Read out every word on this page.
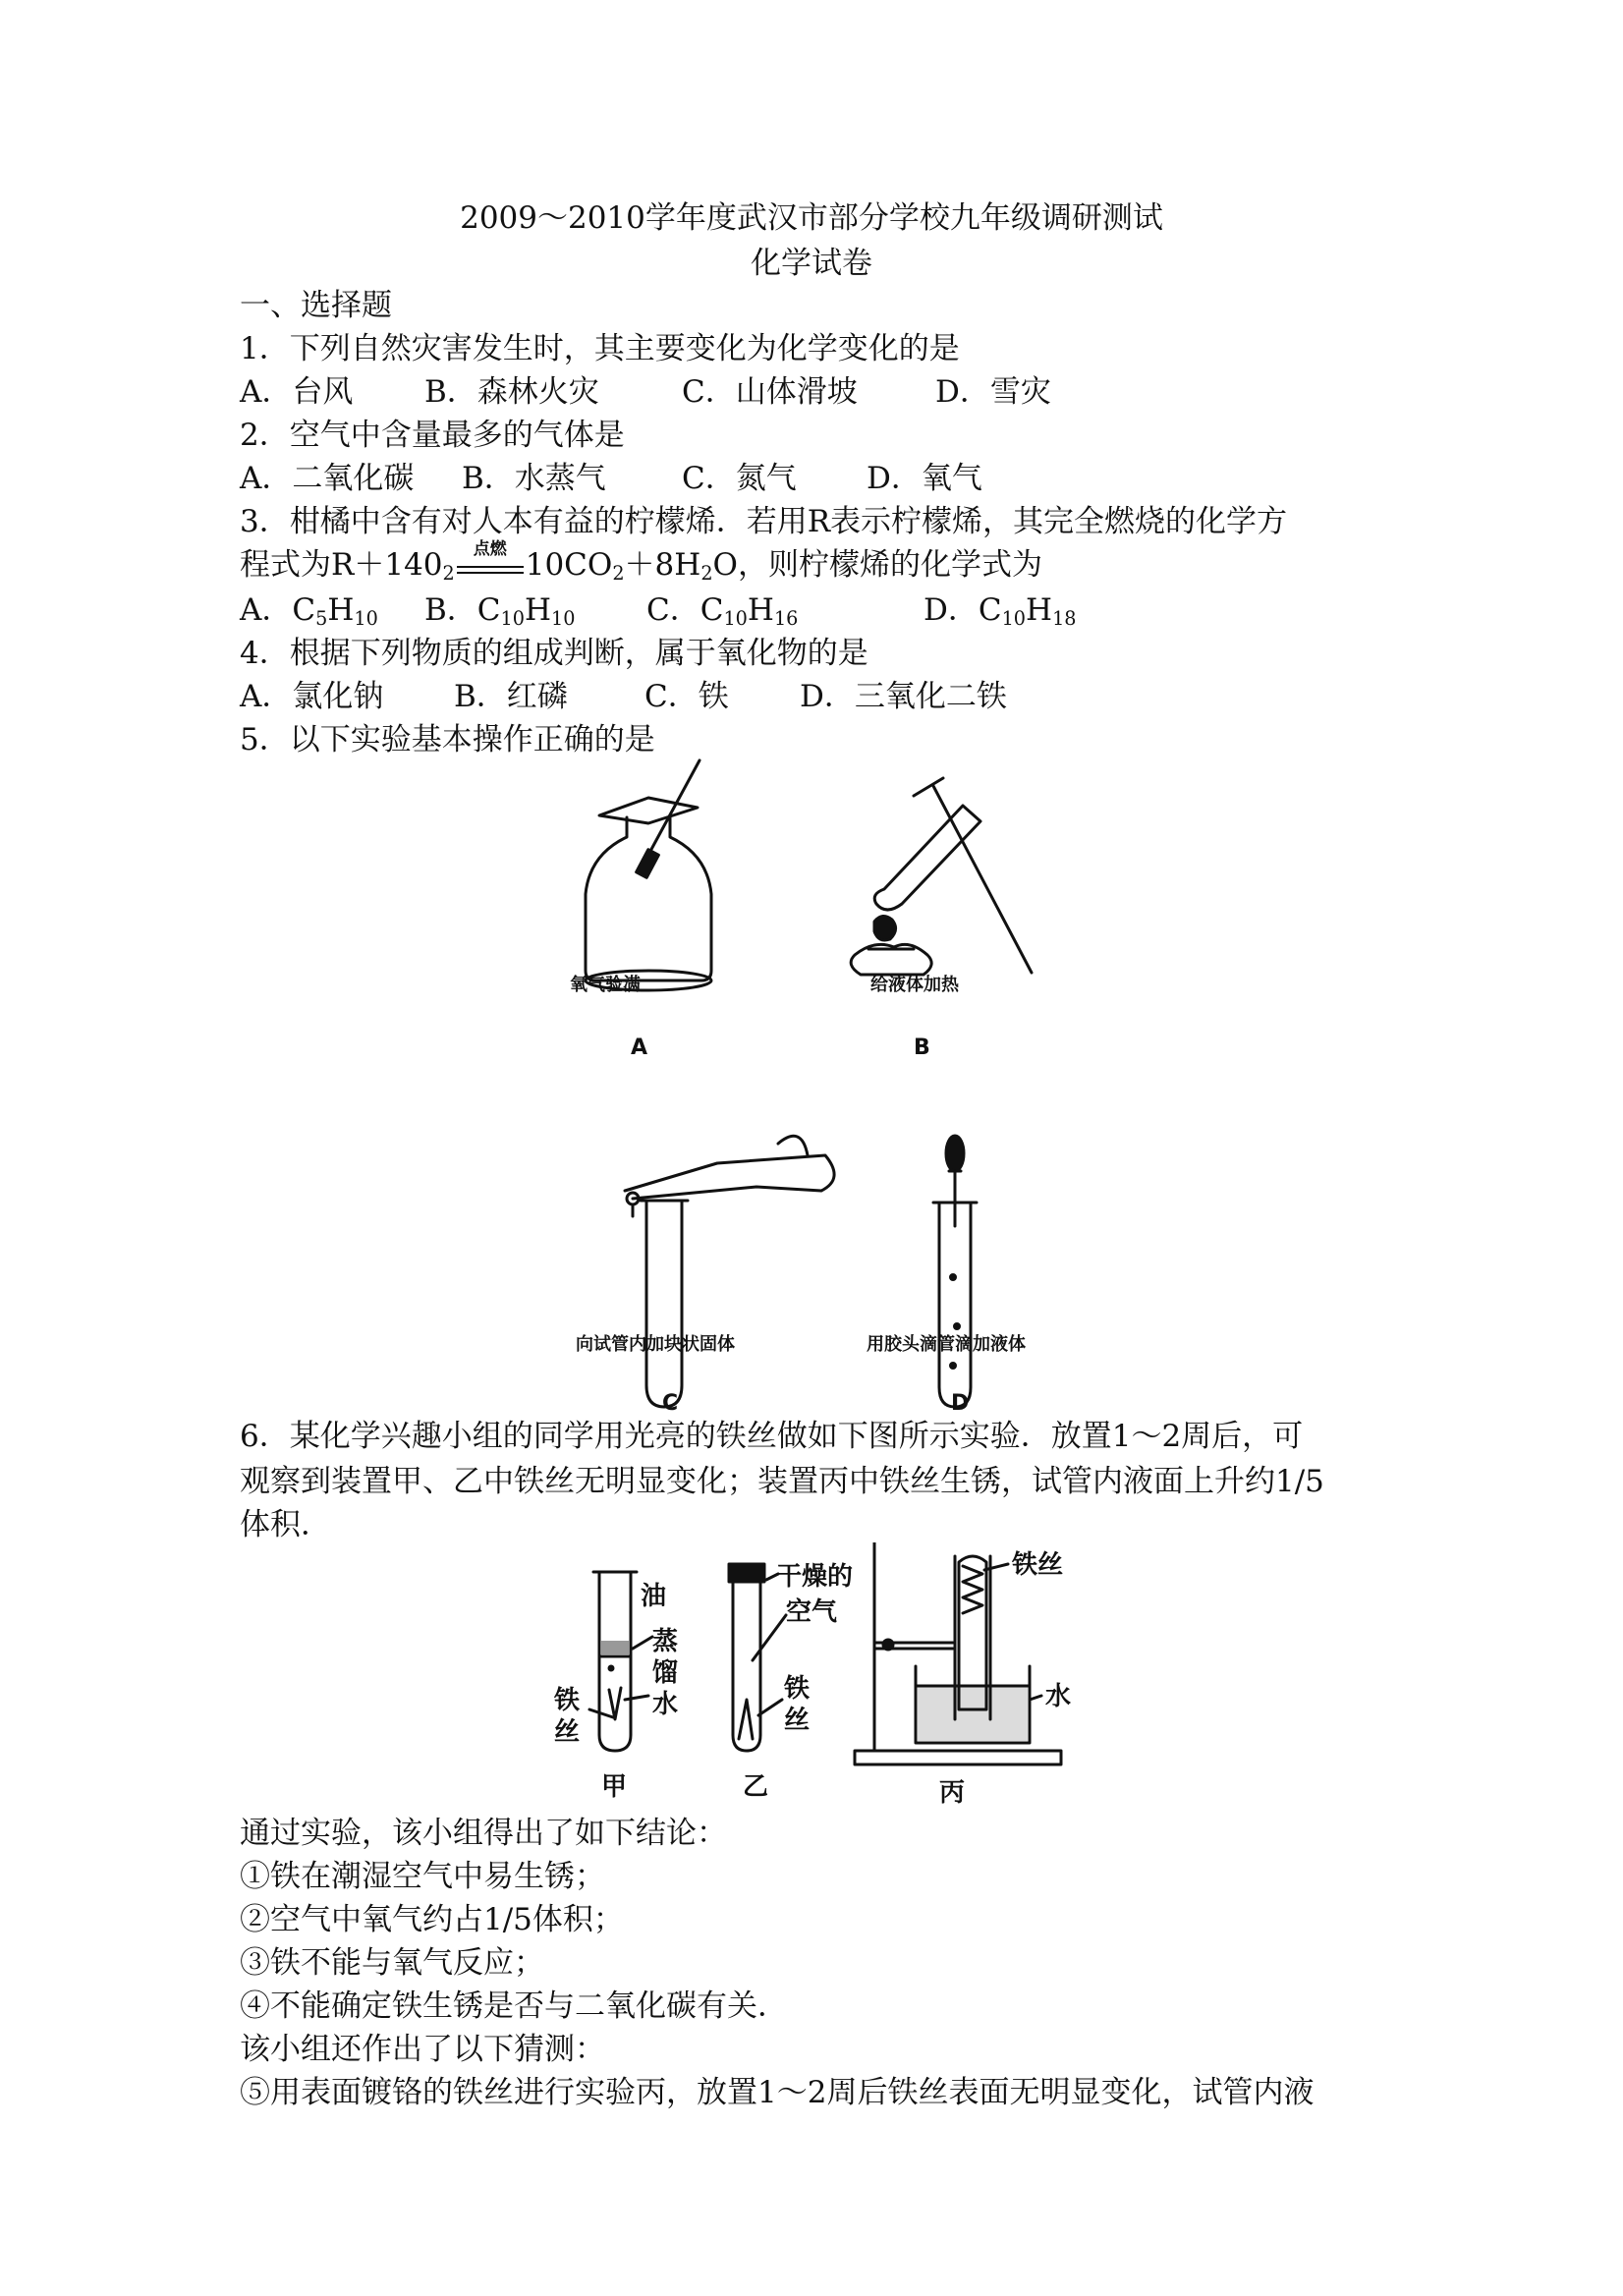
2009～2010学年度武汉市部分学校九年级调研测试
化学试卷
一、选择题
1．下列自然灾害发生时，其主要变化为化学变化的是
A．台风 B．森林火灾	C．山体滑坡	D．雪灾
2．空气中含量最多的气体是
A．二氧化碳 B．水蒸气 C．氮气 D．氧气
3．柑橘中含有对人本有益的柠檬烯．若用R表示柠檬烯，其完全燃烧的化学方
程式为$R+140_2$
点燃 $10CO_2+8H_2O$，则柠檬烯的化学式为
A．$C_5H_{10}$ B．$C_{10}H_{10}$ C．$C_{10}H_{16}$	D．$C_{10}H_{18}$
4．根据下列物质的组成判断，属于氧化物的是
A．氯化钠 B．红磷	C．铁 D．三氧化二铁
5．以下实验基本操作正确的是
氧气验满
A
给液体加热
B
向试管内加块状固体
C
用胶头滴管滴加液体
D
6．某化学兴趣小组的同学用光亮的铁丝做如下图所示实验．放置1～2周后，可
观察到装置甲、乙中铁丝无明显变化；装置丙中铁丝生锈，试管内液面上升约1/5
体积．
油
铁
丝
蒸
馏
水
干燥的
空气
铁
丝
铁丝
水
甲	乙	丙
通过实验，该小组得出了如下结论：
①铁在潮湿空气中易生锈；
②空气中氧气约占1/5体积；
③铁不能与氧气反应；
④不能确定铁生锈是否与二氧化碳有关．
该小组还作出了以下猜测：
⑤用表面镀铬的铁丝进行实验丙，放置1～2周后铁丝表面无明显变化，试管内液
